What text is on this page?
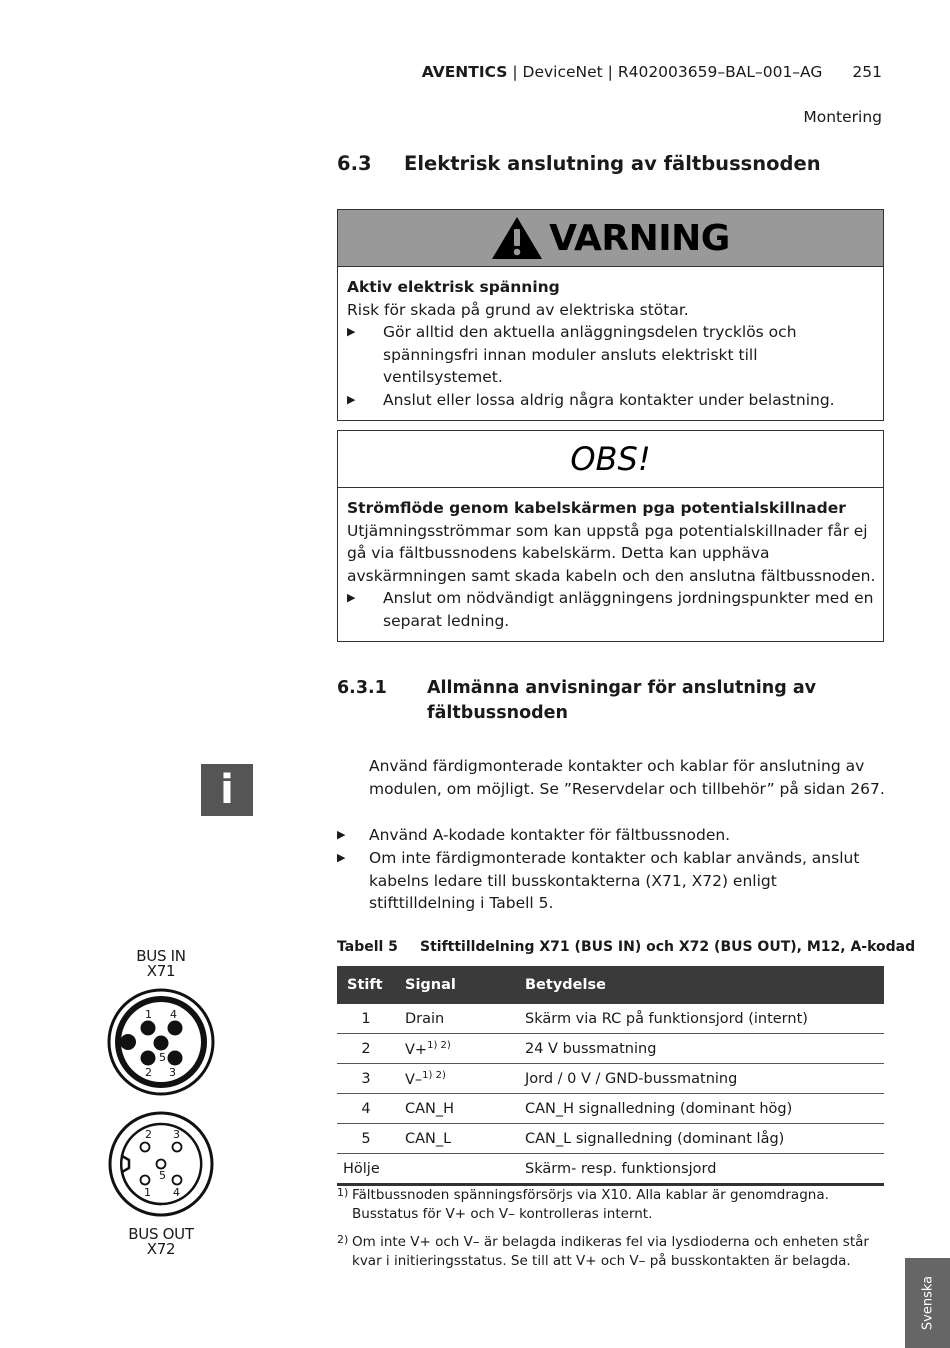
AVENTICS | DeviceNet | R402003659–BAL–001–AG 251
Montering
6.3 Elektrisk anslutning av fältbussnoden
VARNING
Aktiv elektrisk spänning
Risk för skada på grund av elektriska stötar.
▶ Gör alltid den aktuella anläggningsdelen trycklös och spänningsfri innan moduler ansluts elektriskt till ventilsystemet.
▶ Anslut eller lossa aldrig några kontakter under belastning.
OBS!
Strömflöde genom kabelskärmen pga potentialskillnader
Utjämningsströmmar som kan uppstå pga potentialskillnader får ej gå via fältbussnodens kabelskärm. Detta kan upphäva avskärmningen samt skada kabeln och den anslutna fältbussnoden.
▶ Anslut om nödvändigt anläggningens jordningspunkter med en separat ledning.
6.3.1 Allmänna anvisningar för anslutning av fältbussnoden
i
Använd färdigmonterade kontakter och kablar för anslutning av modulen, om möjligt. Se ”Reservdelar och tillbehör” på sidan 267.
▶ Använd A-kodade kontakter för fältbussnoden.
▶ Om inte färdigmonterade kontakter och kablar används, anslut kabelns ledare till busskontakterna (X71, X72) enligt stifttilldelning i Tabell 5.
Tabell 5 Stifttilldelning X71 (BUS IN) och X72 (BUS OUT), M12, A-kodad
Stift	Signal	Betydelse
1	Drain	Skärm via RC på funktionsjord (internt)
2	V+$^{1) 2)}$	24 V bussmatning
3	V–$^{1) 2)}$	Jord / 0 V / GND-bussmatning
4	CAN_H	CAN_H signalledning (dominant hög)
5	CAN_L	CAN_L signalledning (dominant låg)
Hölje		Skärm- resp. funktionsjord
1) Fältbussnoden spänningsförsörjs via X10. Alla kablar är genomdragna. Busstatus för V+ och V– kontrolleras internt.
2) Om inte V+ och V– är belagda indikeras fel via lysdioderna och enheten står kvar i initieringsstatus. Se till att V+ och V– på busskontakten är belagda.
BUS IN
X71
1 4
5
2 3
2 3
5
1 4
BUS OUT
X72
Svenska
